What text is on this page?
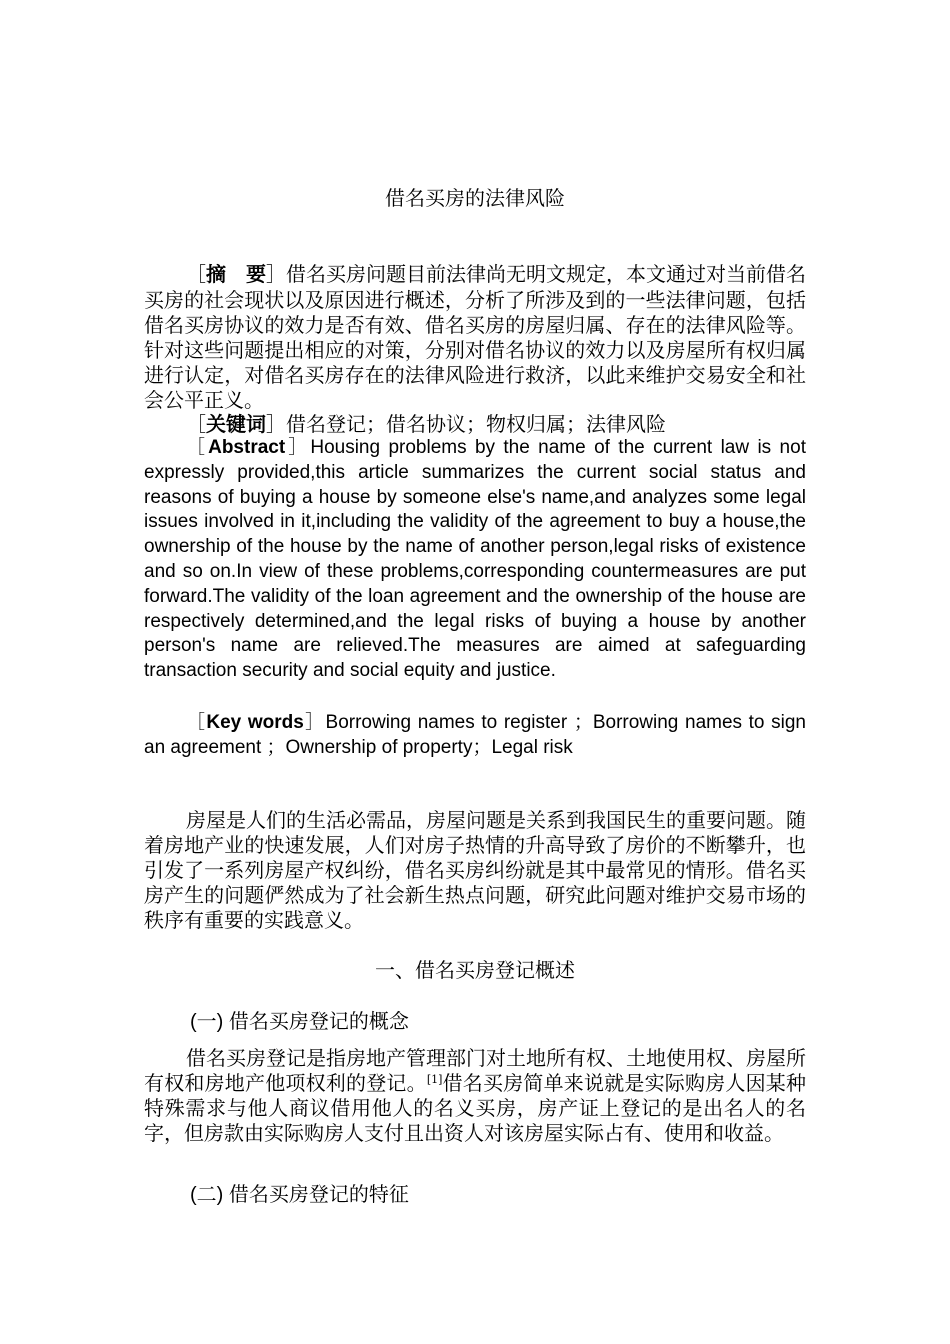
借名买房的法律风险

［摘　要］借名买房问题目前法律尚无明文规定，本文通过对当前借名买房的社会现状以及原因进行概述，分析了所涉及到的一些法律问题，包括借名买房协议的效力是否有效、借名买房的房屋归属、存在的法律风险等。针对这些问题提出相应的对策，分别对借名协议的效力以及房屋所有权归属进行认定，对借名买房存在的法律风险进行救济，以此来维护交易安全和社会公平正义。

［关键词］借名登记；借名协议；物权归属；法律风险

［Abstract］Housing problems by the name of the current law is not expressly provided,this article summarizes the current social status and reasons of buying a house by someone else's name,and analyzes some legal issues involved in it,including the validity of the agreement to buy a house,the ownership of the house by the name of another person,legal risks of existence and so on.In view of these problems,corresponding countermeasures are put forward.The validity of the loan agreement and the ownership of the house are respectively determined,and the legal risks of buying a house by another person's name are relieved.The measures are aimed at safeguarding transaction security and social equity and justice.

［Key words］Borrowing names to register ；Borrowing names to sign an agreement ；Ownership of property；Legal risk

房屋是人们的生活必需品，房屋问题是关系到我国民生的重要问题。随着房地产业的快速发展，人们对房子热情的升高导致了房价的不断攀升，也引发了一系列房屋产权纠纷，借名买房纠纷就是其中最常见的情形。借名买房产生的问题俨然成为了社会新生热点问题，研究此问题对维护交易市场的秩序有重要的实践意义。

一、借名买房登记概述

(一) 借名买房登记的概念

借名买房登记是指房地产管理部门对土地所有权、土地使用权、房屋所有权和房地产他项权利的登记。[1]借名买房简单来说就是实际购房人因某种特殊需求与他人商议借用他人的名义买房，房产证上登记的是出名人的名字，但房款由实际购房人支付且出资人对该房屋实际占有、使用和收益。

(二) 借名买房登记的特征
